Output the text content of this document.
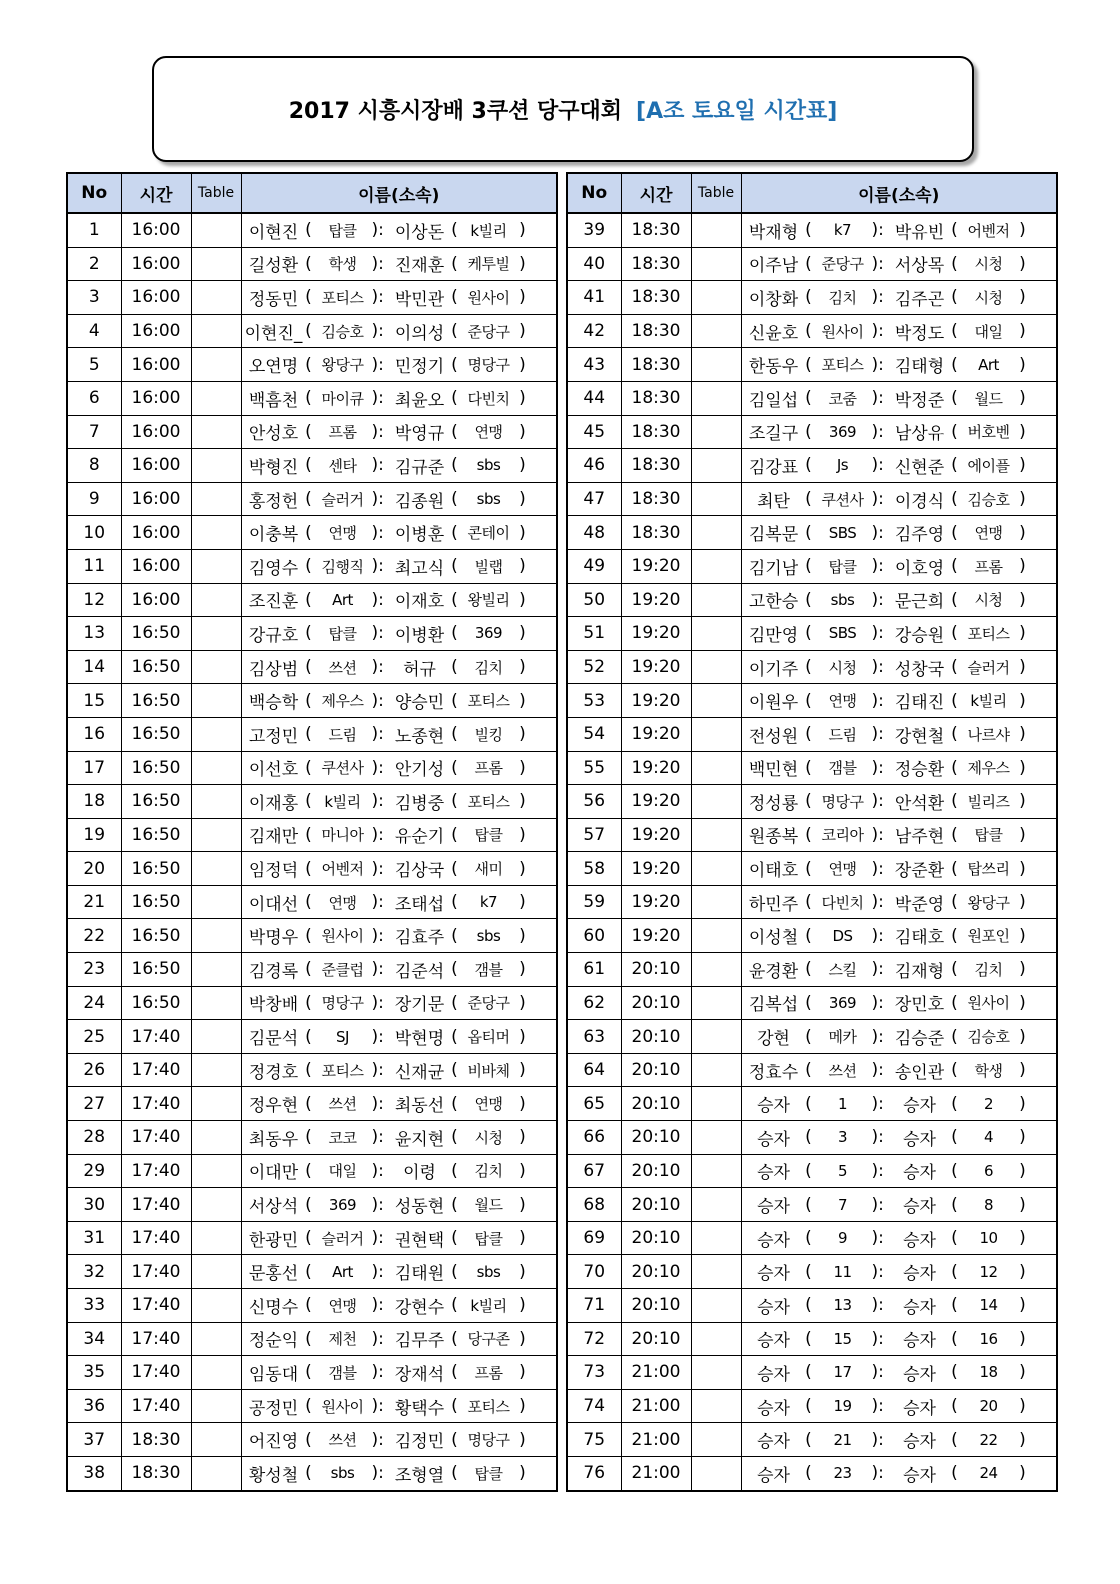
2017 시흥시장배 3쿠션 당구대회 [A조 토요일 시간표]
No	시간	Table	이름(소속)
1	16:00		이현진 ( 탑클 ): 이상돈 ( k빌리 )
2	16:00		길성환 ( 학생 ): 진재훈 ( 케투빌 )
3	16:00		정동민 ( 포티스 ): 박민관 ( 원사이 )
4	16:00		이현진_ ( 김승호 ): 이의성 ( 준당구 )
5	16:00		오연명 ( 왕당구 ): 민정기 ( 명당구 )
6	16:00		백흠천 ( 마이큐 ): 최윤오 ( 다빈치 )
7	16:00		안성호 ( 프롬 ): 박영규 ( 연맹 )
8	16:00		박형진 ( 센타 ): 김규준 ( sbs )
9	16:00		홍정헌 ( 슬러거 ): 김종원 ( sbs )
10	16:00		이충복 ( 연맹 ): 이병훈 ( 콘테이 )
11	16:00		김영수 ( 김행직 ): 최고식 ( 빌랩 )
12	16:00		조진훈 ( Art ): 이재호 ( 왕빌리 )
13	16:50		강규호 ( 탑클 ): 이병환 ( 369 )
14	16:50		김상범 ( 쓰션 ): 허규 ( 김치 )
15	16:50		백승학 ( 제우스 ): 양승민 ( 포티스 )
16	16:50		고정민 ( 드림 ): 노종현 ( 빌킹 )
17	16:50		이선호 ( 쿠션사 ): 안기성 ( 프롬 )
18	16:50		이재홍 ( k빌리 ): 김병중 ( 포티스 )
19	16:50		김재만 ( 마니아 ): 유순기 ( 탑클 )
20	16:50		임정덕 ( 어벤저 ): 김상국 ( 새미 )
21	16:50		이대선 ( 연맹 ): 조태섭 ( k7 )
22	16:50		박명우 ( 원사이 ): 김효주 ( sbs )
23	16:50		김경록 ( 준클럽 ): 김준석 ( 갬블 )
24	16:50		박창배 ( 명당구 ): 장기문 ( 준당구 )
25	17:40		김문석 ( SJ ): 박현명 ( 옵티머 )
26	17:40		정경호 ( 포티스 ): 신재균 ( 비바체 )
27	17:40		정우현 ( 쓰션 ): 최동선 ( 연맹 )
28	17:40		최동우 ( 코코 ): 윤지현 ( 시청 )
29	17:40		이대만 ( 대일 ): 이령 ( 김치 )
30	17:40		서상석 ( 369 ): 성동현 ( 월드 )
31	17:40		한광민 ( 슬러거 ): 권현택 ( 탑클 )
32	17:40		문홍선 ( Art ): 김태원 ( sbs )
33	17:40		신명수 ( 연맹 ): 강현수 ( k빌리 )
34	17:40		정순익 ( 제천 ): 김무주 ( 당구존 )
35	17:40		임동대 ( 갬블 ): 장재석 ( 프롬 )
36	17:40		공정민 ( 원사이 ): 황택수 ( 포티스 )
37	18:30		어진영 ( 쓰션 ): 김정민 ( 명당구 )
38	18:30		황성철 ( sbs ): 조형열 ( 탑클 )
No	시간	Table	이름(소속)
39	18:30		박재형 ( k7 ): 박유빈 ( 어벤저 )
40	18:30		이주남 ( 준당구 ): 서상목 ( 시청 )
41	18:30		이창화 ( 김치 ): 김주곤 ( 시청 )
42	18:30		신윤호 ( 원사이 ): 박정도 ( 대일 )
43	18:30		한동우 ( 포티스 ): 김태형 ( Art )
44	18:30		김일섭 ( 코줌 ): 박정준 ( 월드 )
45	18:30		조길구 ( 369 ): 남상유 ( 버호벤 )
46	18:30		김강표 ( Js ): 신현준 ( 에이플 )
47	18:30		최탄 ( 쿠션사 ): 이경식 ( 김승호 )
48	18:30		김복문 ( SBS ): 김주영 ( 연맹 )
49	19:20		김기남 ( 탑클 ): 이호영 ( 프롬 )
50	19:20		고한승 ( sbs ): 문근희 ( 시청 )
51	19:20		김만영 ( SBS ): 강승원 ( 포티스 )
52	19:20		이기주 ( 시청 ): 성창국 ( 슬러거 )
53	19:20		이원우 ( 연맹 ): 김태진 ( k빌리 )
54	19:20		전성원 ( 드림 ): 강현철 ( 나르샤 )
55	19:20		백민현 ( 갬블 ): 정승환 ( 제우스 )
56	19:20		정성룡 ( 명당구 ): 안석환 ( 빌리즈 )
57	19:20		원종복 ( 코리아 ): 남주현 ( 탑클 )
58	19:20		이태호 ( 연맹 ): 장준환 ( 탑쓰리 )
59	19:20		하민주 ( 다빈치 ): 박준영 ( 왕당구 )
60	19:20		이성철 ( DS ): 김태호 ( 원포인 )
61	20:10		윤경환 ( 스킬 ): 김재형 ( 김치 )
62	20:10		김복섭 ( 369 ): 장민호 ( 원사이 )
63	20:10		강현 ( 메카 ): 김승준 ( 김승호 )
64	20:10		정효수 ( 쓰션 ): 송인관 ( 학생 )
65	20:10		승자 ( 1 ): 승자 ( 2 )
66	20:10		승자 ( 3 ): 승자 ( 4 )
67	20:10		승자 ( 5 ): 승자 ( 6 )
68	20:10		승자 ( 7 ): 승자 ( 8 )
69	20:10		승자 ( 9 ): 승자 ( 10 )
70	20:10		승자 ( 11 ): 승자 ( 12 )
71	20:10		승자 ( 13 ): 승자 ( 14 )
72	20:10		승자 ( 15 ): 승자 ( 16 )
73	21:00		승자 ( 17 ): 승자 ( 18 )
74	21:00		승자 ( 19 ): 승자 ( 20 )
75	21:00		승자 ( 21 ): 승자 ( 22 )
76	21:00		승자 ( 23 ): 승자 ( 24 )
